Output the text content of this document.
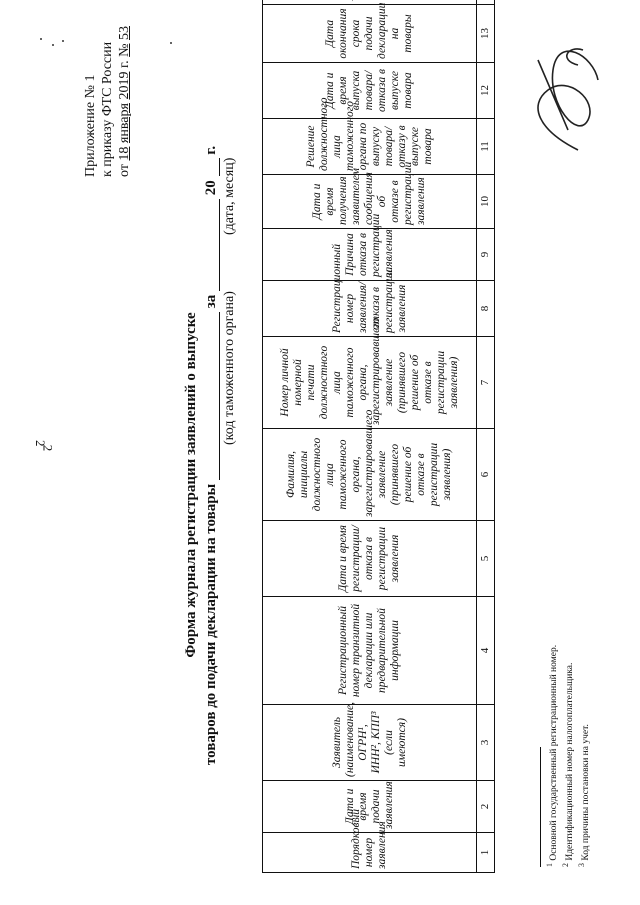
2
Приложение № 1 к приказу ФТС России от 18 января 2019 г. № 53
Форма журнала регистрации заявлений о выпуске товаров до подачи декларации на товары  за  20  г.
(код таможенного органа)
(дата, месяц)
Порядковый номер заявления	Дата и время подачи заявления	Заявитель (наименование, ОГРН¹, ИНН², КПП³ (если имеются)	Регистрационный номер транзитной декларации или предварительной информации	Дата и время регистрации/отказа в регистрации заявления	Фамилия, инициалы должностного лица таможенного органа, зарегистрировавшего заявление (принявшего решение об отказе в регистрации заявления)	Номер личной номерной печати должностного лица таможенного органа, зарегистрировавшего заявление (принявшего решение об отказе в регистрации заявления)	Регистрационный номер заявления/отказа в регистрации заявления	Причина отказа в регистрации заявления	Дата и время получения заявителем сообщения об отказе в регистрации заявления	Решение должностного лица таможенного органа по выпуску товара/отказу в выпуске товара	Дата и время выпуска товара/отказа в выпуске товара	Дата окончания срока подачи декларации на товары	
1	2	3	4	5	6	7	8	9	10	11	12	13	
$^1$ Основной государственный регистрационный номер.
$^2$ Идентификационный номер налогоплательщика.
$^3$ Код причины постановки на учет.
2
